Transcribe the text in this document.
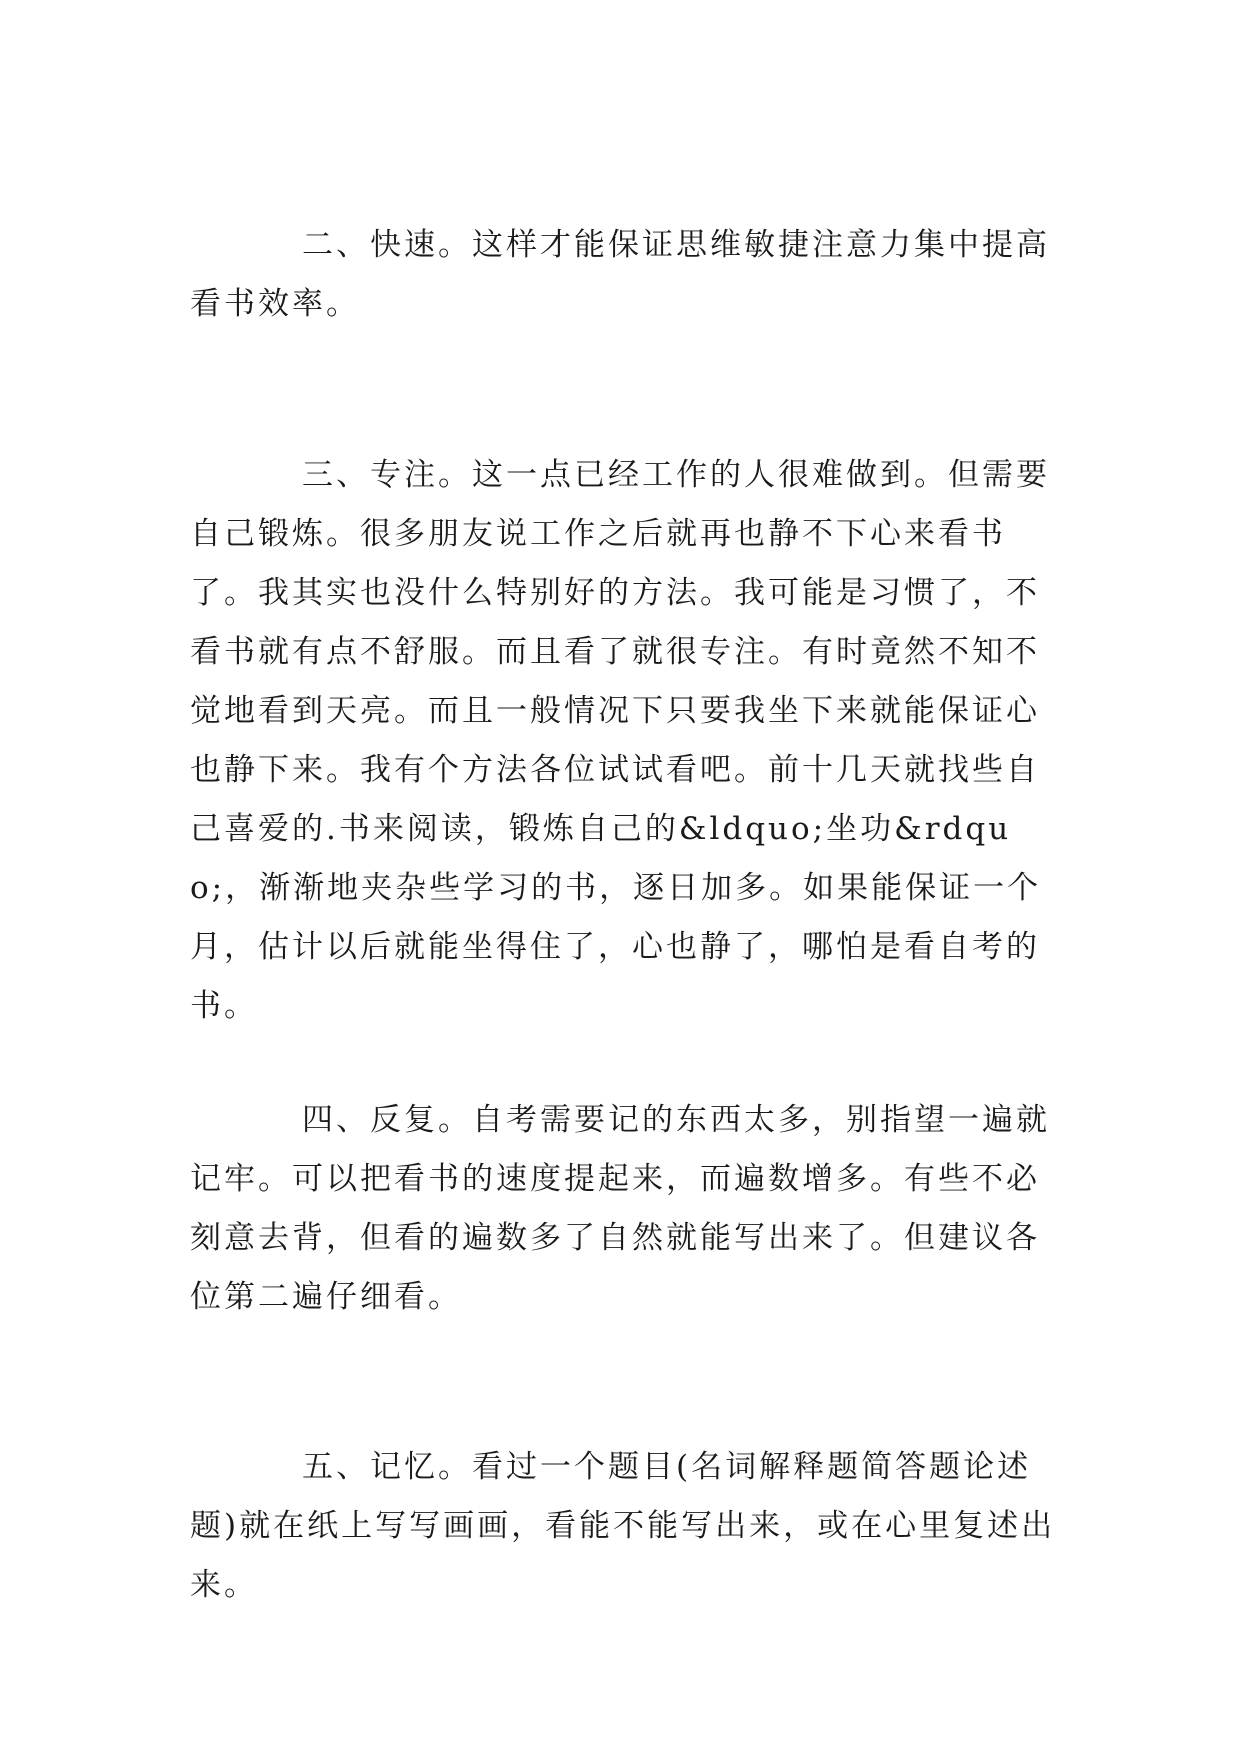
二、快速。这样才能保证思维敏捷注意力集中提高看书效率。

三、专注。这一点已经工作的人很难做到。但需要自己锻炼。很多朋友说工作之后就再也静不下心来看书了。我其实也没什么特别好的方法。我可能是习惯了，不看书就有点不舒服。而且看了就很专注。有时竟然不知不觉地看到天亮。而且一般情况下只要我坐下来就能保证心也静下来。我有个方法各位试试看吧。前十几天就找些自己喜爱的.书来阅读，锻炼自己的&ldquo;坐功&rdquo;，渐渐地夹杂些学习的书，逐日加多。如果能保证一个月，估计以后就能坐得住了，心也静了，哪怕是看自考的书。

四、反复。自考需要记的东西太多，别指望一遍就记牢。可以把看书的速度提起来，而遍数增多。有些不必刻意去背，但看的遍数多了自然就能写出来了。但建议各位第二遍仔细看。

五、记忆。看过一个题目(名词解释题简答题论述题)就在纸上写写画画，看能不能写出来，或在心里复述出来。
